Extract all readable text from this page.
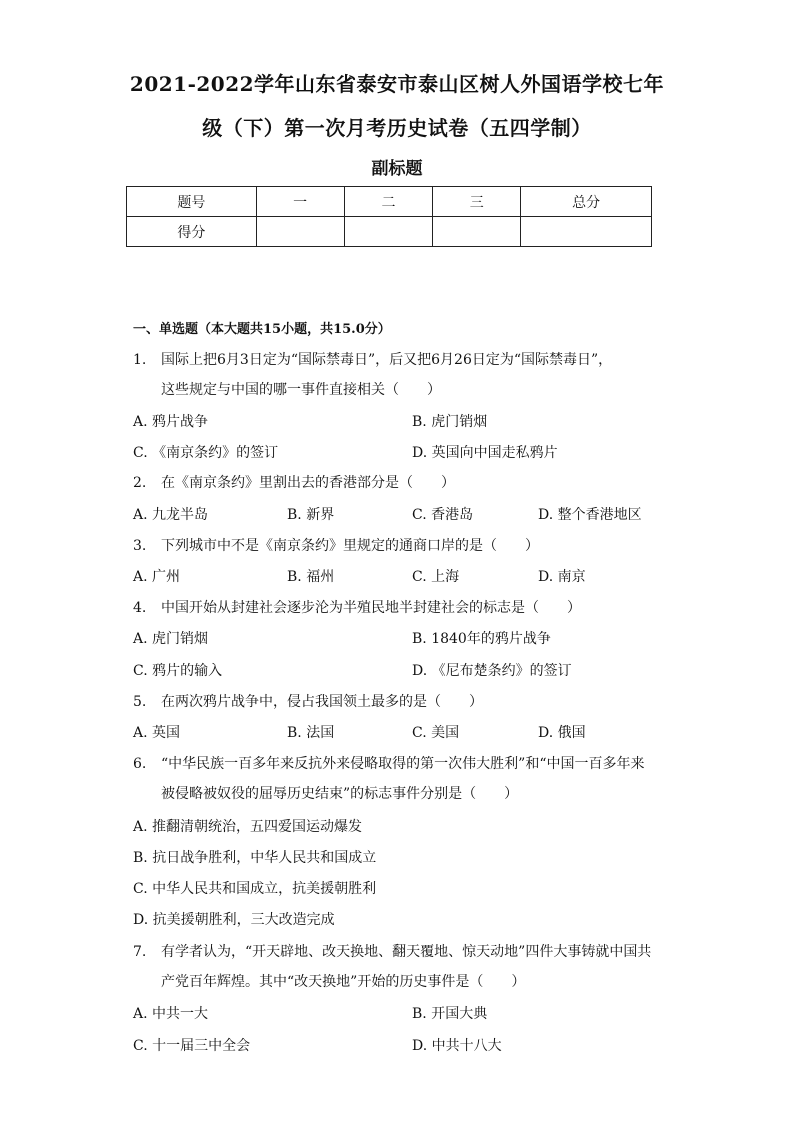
2021-2022学年山东省泰安市泰山区树人外国语学校七年
级（下）第一次月考历史试卷（五四学制）
副标题
题号	一	二	三	总分
得分				
一、单选题（本大题共15小题，共15.0分）
1. 国际上把6月3日定为“国际禁毒日”，后又把6月26日定为“国际禁毒日”，
这些规定与中国的哪一事件直接相关（　　）
A. 鸦片战争	B. 虎门销烟
C. 《南京条约》的签订	D. 英国向中国走私鸦片
2. 在《南京条约》里割出去的香港部分是（　　）
A. 九龙半岛	B. 新界	C. 香港岛	D. 整个香港地区
3. 下列城市中不是《南京条约》里规定的通商口岸的是（　　）
A. 广州	B. 福州	C. 上海	D. 南京
4. 中国开始从封建社会逐步沦为半殖民地半封建社会的标志是（　　）
A. 虎门销烟	B. 1840年的鸦片战争
C. 鸦片的输入	D. 《尼布楚条约》的签订
5. 在两次鸦片战争中，侵占我国领土最多的是（　　）
A. 英国	B. 法国	C. 美国	D. 俄国
6. “中华民族一百多年来反抗外来侵略取得的第一次伟大胜利”和“中国一百多年来
被侵略被奴役的屈辱历史结束”的标志事件分别是（　　）
A. 推翻清朝统治，五四爱国运动爆发
B. 抗日战争胜利，中华人民共和国成立
C. 中华人民共和国成立，抗美援朝胜利
D. 抗美援朝胜利，三大改造完成
7. 有学者认为，“开天辟地、改天换地、翻天覆地、惊天动地”四件大事铸就中国共
产党百年辉煌。其中“改天换地”开始的历史事件是（　　）
A. 中共一大	B. 开国大典
C. 十一届三中全会	D. 中共十八大
